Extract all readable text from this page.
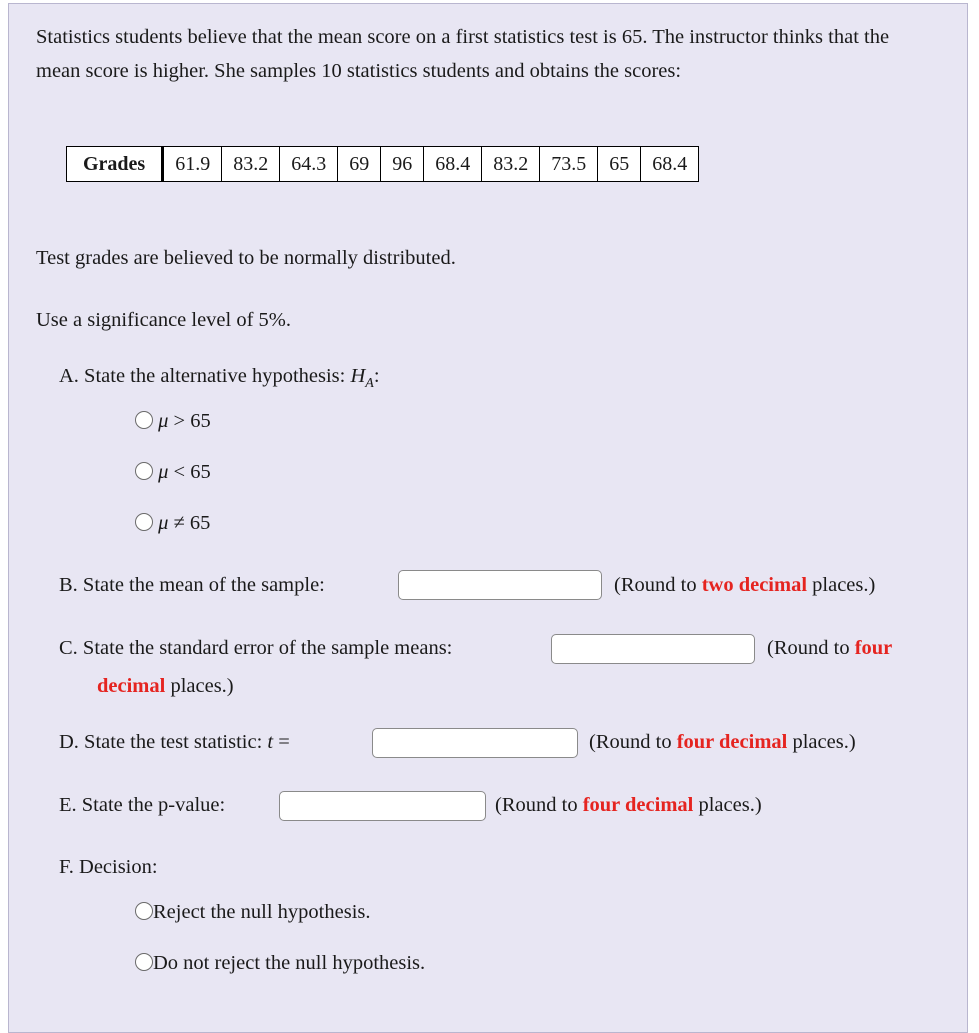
Statistics students believe that the mean score on a first statistics test is 65. The instructor thinks that the mean score is higher. She samples 10 statistics students and obtains the scores:
Grades	61.9	83.2	64.3	69	96	68.4	83.2	73.5	65	68.4
Test grades are believed to be normally distributed.
Use a significance level of 5%.
A. State the alternative hypothesis: $H_A$:
μ > 65
μ < 65
μ ≠ 65
B. State the mean of the sample:	(Round to two decimal places.)
C. State the standard error of the sample means:	(Round to four
decimal places.)
D. State the test statistic: t =	(Round to four decimal places.)
E. State the p-value:	(Round to four decimal places.)
F. Decision:
Reject the null hypothesis.
Do not reject the null hypothesis.
